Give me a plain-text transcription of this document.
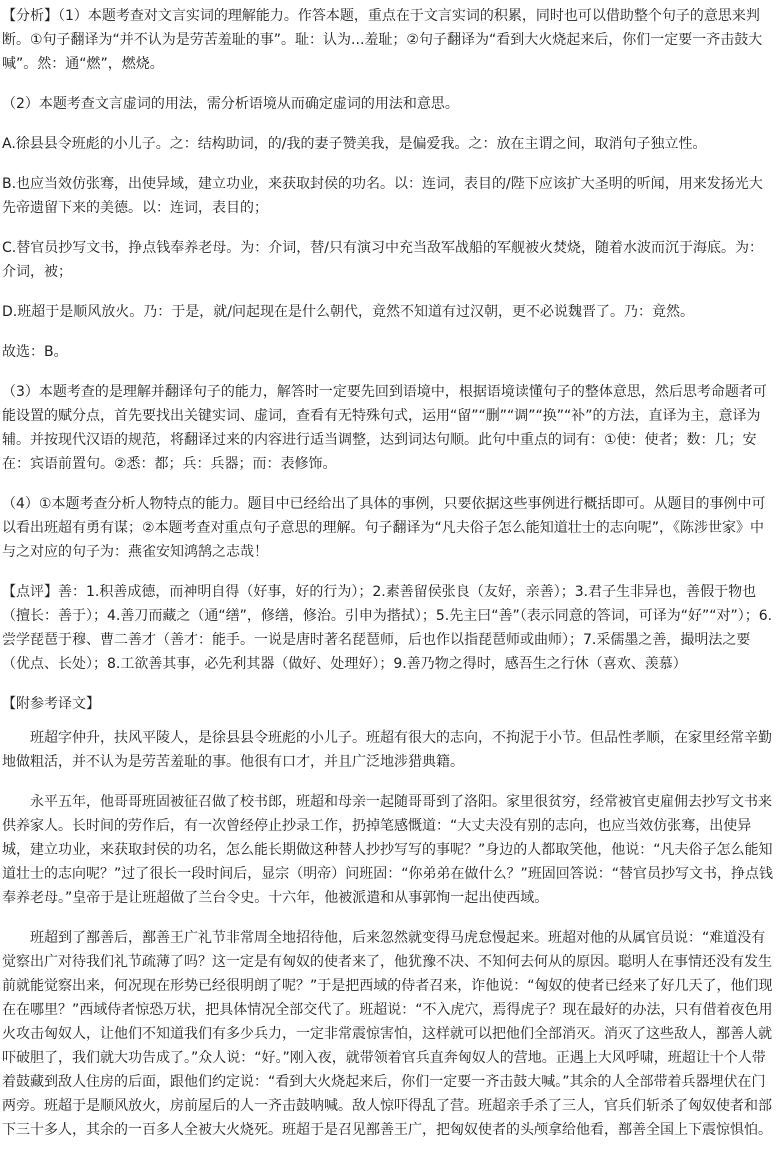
【分析】（1）本题考查对文言实词的理解能力。作答本题，重点在于文言实词的积累，同时也可以借助整个句子的意思来判断。①句子翻译为“并不认为是劳苦羞耻的事”。耻：认为...羞耻；②句子翻译为“看到大火烧起来后，你们一定要一齐击鼓大喊”。然：通“燃”，燃烧。

（2）本题考查文言虚词的用法，需分析语境从而确定虚词的用法和意思。

A.徐县县令班彪的小儿子。之：结构助词，的/我的妻子赞美我，是偏爱我。之：放在主谓之间，取消句子独立性。

B.也应当效仿张骞，出使异域，建立功业，来获取封侯的功名。以：连词，表目的/陛下应该扩大圣明的听闻，用来发扬光大先帝遗留下来的美德。以：连词，表目的；

C.替官员抄写文书，挣点钱奉养老母。为：介词，替/只有演习中充当敌军战船的军舰被火焚烧，随着水波而沉于海底。为：介词，被；

D.班超于是顺风放火。乃：于是，就/问起现在是什么朝代，竟然不知道有过汉朝，更不必说魏晋了。乃：竟然。

故选：B。

（3）本题考查的是理解并翻译句子的能力，解答时一定要先回到语境中，根据语境读懂句子的整体意思，然后思考命题者可能设置的赋分点，首先要找出关键实词、虚词，查看有无特殊句式，运用“留”“删”“调”“换”“补”的方法，直译为主，意译为辅。并按现代汉语的规范，将翻译过来的内容进行适当调整，达到词达句顺。此句中重点的词有：①使：使者；数：几；安在：宾语前置句。②悉：都；兵：兵器；而：表修饰。

（4）①本题考查分析人物特点的能力。题目中已经给出了具体的事例，只要依据这些事例进行概括即可。从题目的事例中可以看出班超有勇有谋；②本题考查对重点句子意思的理解。句子翻译为“凡夫俗子怎么能知道壮士的志向呢”，《陈涉世家》中与之对应的句子为：燕雀安知鸿鹄之志哉！

【点评】善：1.积善成德，而神明自得（好事，好的行为）；2.素善留侯张良（友好，亲善）；3.君子生非异也，善假于物也（擅长：善于）；4.善刀而藏之（通“缮”，修缮，修治。引申为揩拭）；5.先主曰“善”（表示同意的答词，可译为“好”“对”）；6.尝学琵琶于穆、曹二善才（善才：能手。一说是唐时著名琵琶师，后也作以指琵琶师或曲师）；7.采儒墨之善，撮明法之要（优点、长处）；8.工欲善其事，必先利其器（做好、处理好）；9.善乃物之得时，感吾生之行休（喜欢、羡慕）

【附参考译文】

班超字仲升，扶风平陵人，是徐县县令班彪的小儿子。班超有很大的志向，不拘泥于小节。但品性孝顺，在家里经常辛勤地做粗活，并不认为是劳苦羞耻的事。他很有口才，并且广泛地涉猎典籍。

永平五年，他哥哥班固被征召做了校书郎，班超和母亲一起随哥哥到了洛阳。家里很贫穷，经常被官吏雇佣去抄写文书来供养家人。长时间的劳作后，有一次曾经停止抄录工作，扔掉笔感慨道：“大丈夫没有别的志向，也应当效仿张骞，出使异城，建立功业，来获取封侯的功名，怎么能长期做这种替人抄抄写写的事呢？”身边的人都取笑他，他说：“凡夫俗子怎么能知道壮士的志向呢？”过了很长一段时间后，显宗（明帝）问班固：“你弟弟在做什么？”班固回答说：“替官员抄写文书，挣点钱奉养老母。”皇帝于是让班超做了兰台令史。十六年，他被派遣和从事郭恂一起出使西域。

班超到了鄯善后，鄯善王广礼节非常周全地招待他，后来忽然就变得马虎怠慢起来。班超对他的从属官员说：“难道没有觉察出广对待我们礼节疏薄了吗？这一定是有匈奴的使者来了，他犹豫不决、不知何去何从的原因。聪明人在事情还没有发生前就能觉察出来，何况现在形势已经很明朗了呢？”于是把西域的侍者召来，诈他说：“匈奴的使者已经来了好几天了，他们现在在哪里？”西域侍者惊恐万状，把具体情况全部交代了。班超说：“不入虎穴，焉得虎子？现在最好的办法，只有借着夜色用火攻击匈奴人，让他们不知道我们有多少兵力，一定非常震惊害怕，这样就可以把他们全部消灭。消灭了这些敌人，鄯善人就吓破胆了，我们就大功告成了。”众人说：“好。”刚入夜，就带领着官兵直奔匈奴人的营地。正遇上大风呼啸，班超让十个人带着鼓藏到敌人住房的后面，跟他们约定说：“看到大火烧起来后，你们一定要一齐击鼓大喊。”其余的人全部带着兵器埋伏在门两旁。班超于是顺风放火，房前屋后的人一齐击鼓呐喊。敌人惊吓得乱了营。班超亲手杀了三人，官兵们斩杀了匈奴使者和部下三十多人，其余的一百多人全被大火烧死。班超于是召见鄯善王广，把匈奴使者的头颅拿给他看，鄯善全国上下震惊惧怕。
